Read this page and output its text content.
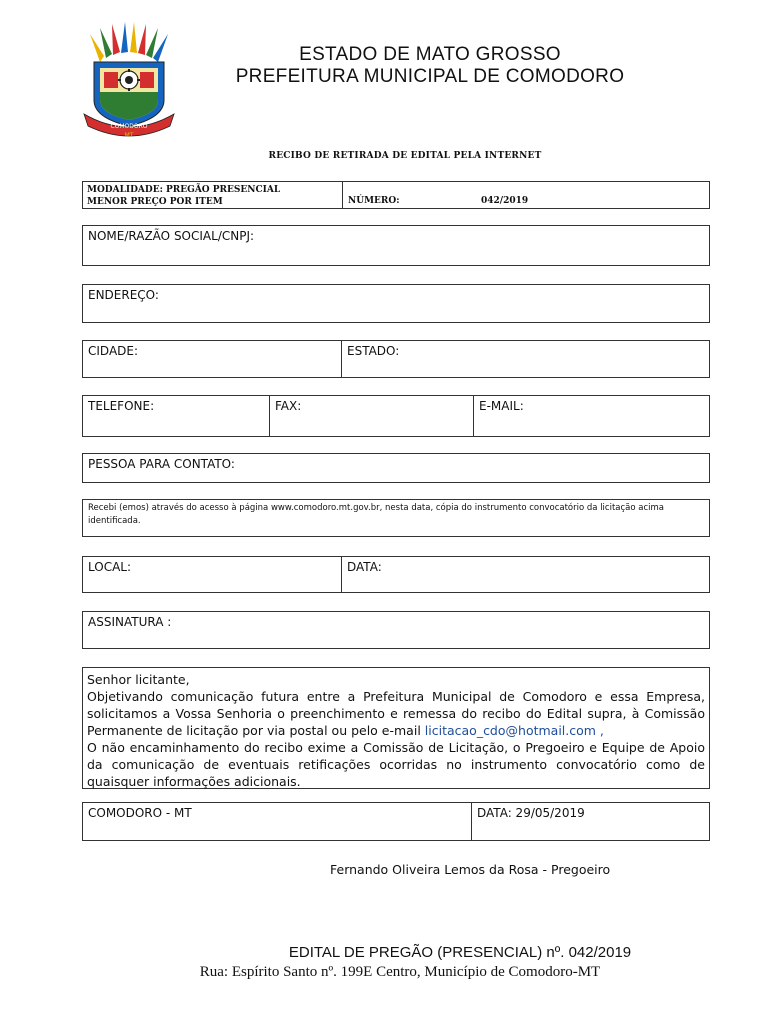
COMODORO
MT
ESTADO DE MATO GROSSO
PREFEITURA MUNICIPAL DE COMODORO
RECIBO DE RETIRADA DE EDITAL PELA INTERNET
MODALIDADE: PREGÃO PRESENCIAL
MENOR PREÇO POR ITEM	NÚMERO:	042/2019
NOME/RAZÃO SOCIAL/CNPJ:
ENDEREÇO:
CIDADE:	ESTADO:
TELEFONE:	FAX:	E-MAIL:
PESSOA PARA CONTATO:
Recebi (emos) através do acesso à página www.comodoro.mt.gov.br, nesta data, cópia do instrumento convocatório da licitação acima identificada.
LOCAL:	DATA:
ASSINATURA :

Senhor licitante,

Objetivando comunicação futura entre a Prefeitura Municipal de Comodoro e essa Empresa, solicitamos a Vossa Senhoria o preenchimento e remessa do recibo do Edital supra, à Comissão Permanente de licitação por via postal ou pelo e-mail licitacao_cdo@hotmail.com ,

O não encaminhamento do recibo exime a Comissão de Licitação, o Pregoeiro e Equipe de Apoio da comunicação de eventuais retificações ocorridas no instrumento convocatório como de quaisquer informações adicionais.

COMODORO - MT	DATA: 29/05/2019
Fernando Oliveira Lemos da Rosa - Pregoeiro
EDITAL DE PREGÃO (PRESENCIAL) nº. 042/2019
Rua: Espírito Santo nº. 199E Centro, Município de Comodoro-MT
